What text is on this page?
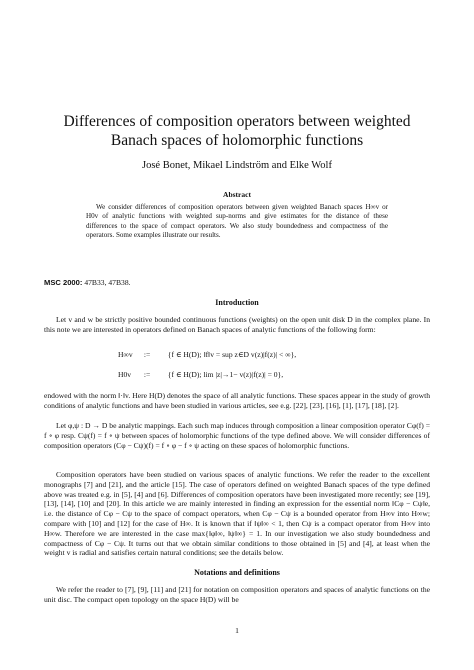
Differences of composition operators between weighted
Banach spaces of holomorphic functions
José Bonet, Mikael Lindström and Elke Wolf
Abstract
We consider differences of composition operators between given weighted Banach spaces H∞v or H0v of analytic functions with weighted sup-norms and give estimates for the distance of these differences to the space of compact operators. We also study boundedness and compactness of the operators. Some examples illustrate our results.
MSC 2000: 47B33, 47B38.
Introduction
Let v and w be strictly positive bounded continuous functions (weights) on the open unit disk D in the complex plane. In this note we are interested in operators defined on Banach spaces of analytic functions of the following form:
H∞v := {f ∈ H(D); ‖f‖v = sup z∈D v(z)|f(z)| < ∞},
H0v := {f ∈ H(D); lim |z|→1− v(z)|f(z)| = 0},
endowed with the norm ‖·‖v. Here H(D) denotes the space of all analytic functions. These spaces appear in the study of growth conditions of analytic functions and have been studied in various articles, see e.g. [22], [23], [16], [1], [17], [18], [2].
Let φ,ψ : D → D be analytic mappings. Each such map induces through composition a linear composition operator Cφ(f) = f ∘ φ resp. Cψ(f) = f ∘ ψ between spaces of holomorphic functions of the type defined above. We will consider differences of composition operators (Cφ − Cψ)(f) = f ∘ φ − f ∘ ψ acting on these spaces of holomorphic functions.
Composition operators have been studied on various spaces of analytic functions. We refer the reader to the excellent monographs [7] and [21], and the article [15]. The case of operators defined on weighted Banach spaces of the type defined above was treated e.g. in [5], [4] and [6]. Differences of composition operators have been investigated more recently; see [19], [13], [14], [10] and [20]. In this article we are mainly interested in finding an expression for the essential norm ‖Cφ − Cψ‖e, i.e. the distance of Cφ − Cψ to the space of compact operators, when Cφ − Cψ is a bounded operator from H∞v into H∞w; compare with [10] and [12] for the case of H∞. It is known that if ‖ψ‖∞ < 1, then Cψ is a compact operator from H∞v into H∞w. Therefore we are interested in the case max{‖φ‖∞, ‖ψ‖∞} = 1. In our investigation we also study boundedness and compactness of Cφ − Cψ. It turns out that we obtain similar conditions to those obtained in [5] and [4], at least when the weight v is radial and satisfies certain natural conditions; see the details below.
Notations and definitions
We refer the reader to [7], [9], [11] and [21] for notation on composition operators and spaces of analytic functions on the unit disc. The compact open topology on the space H(D) will be
1
